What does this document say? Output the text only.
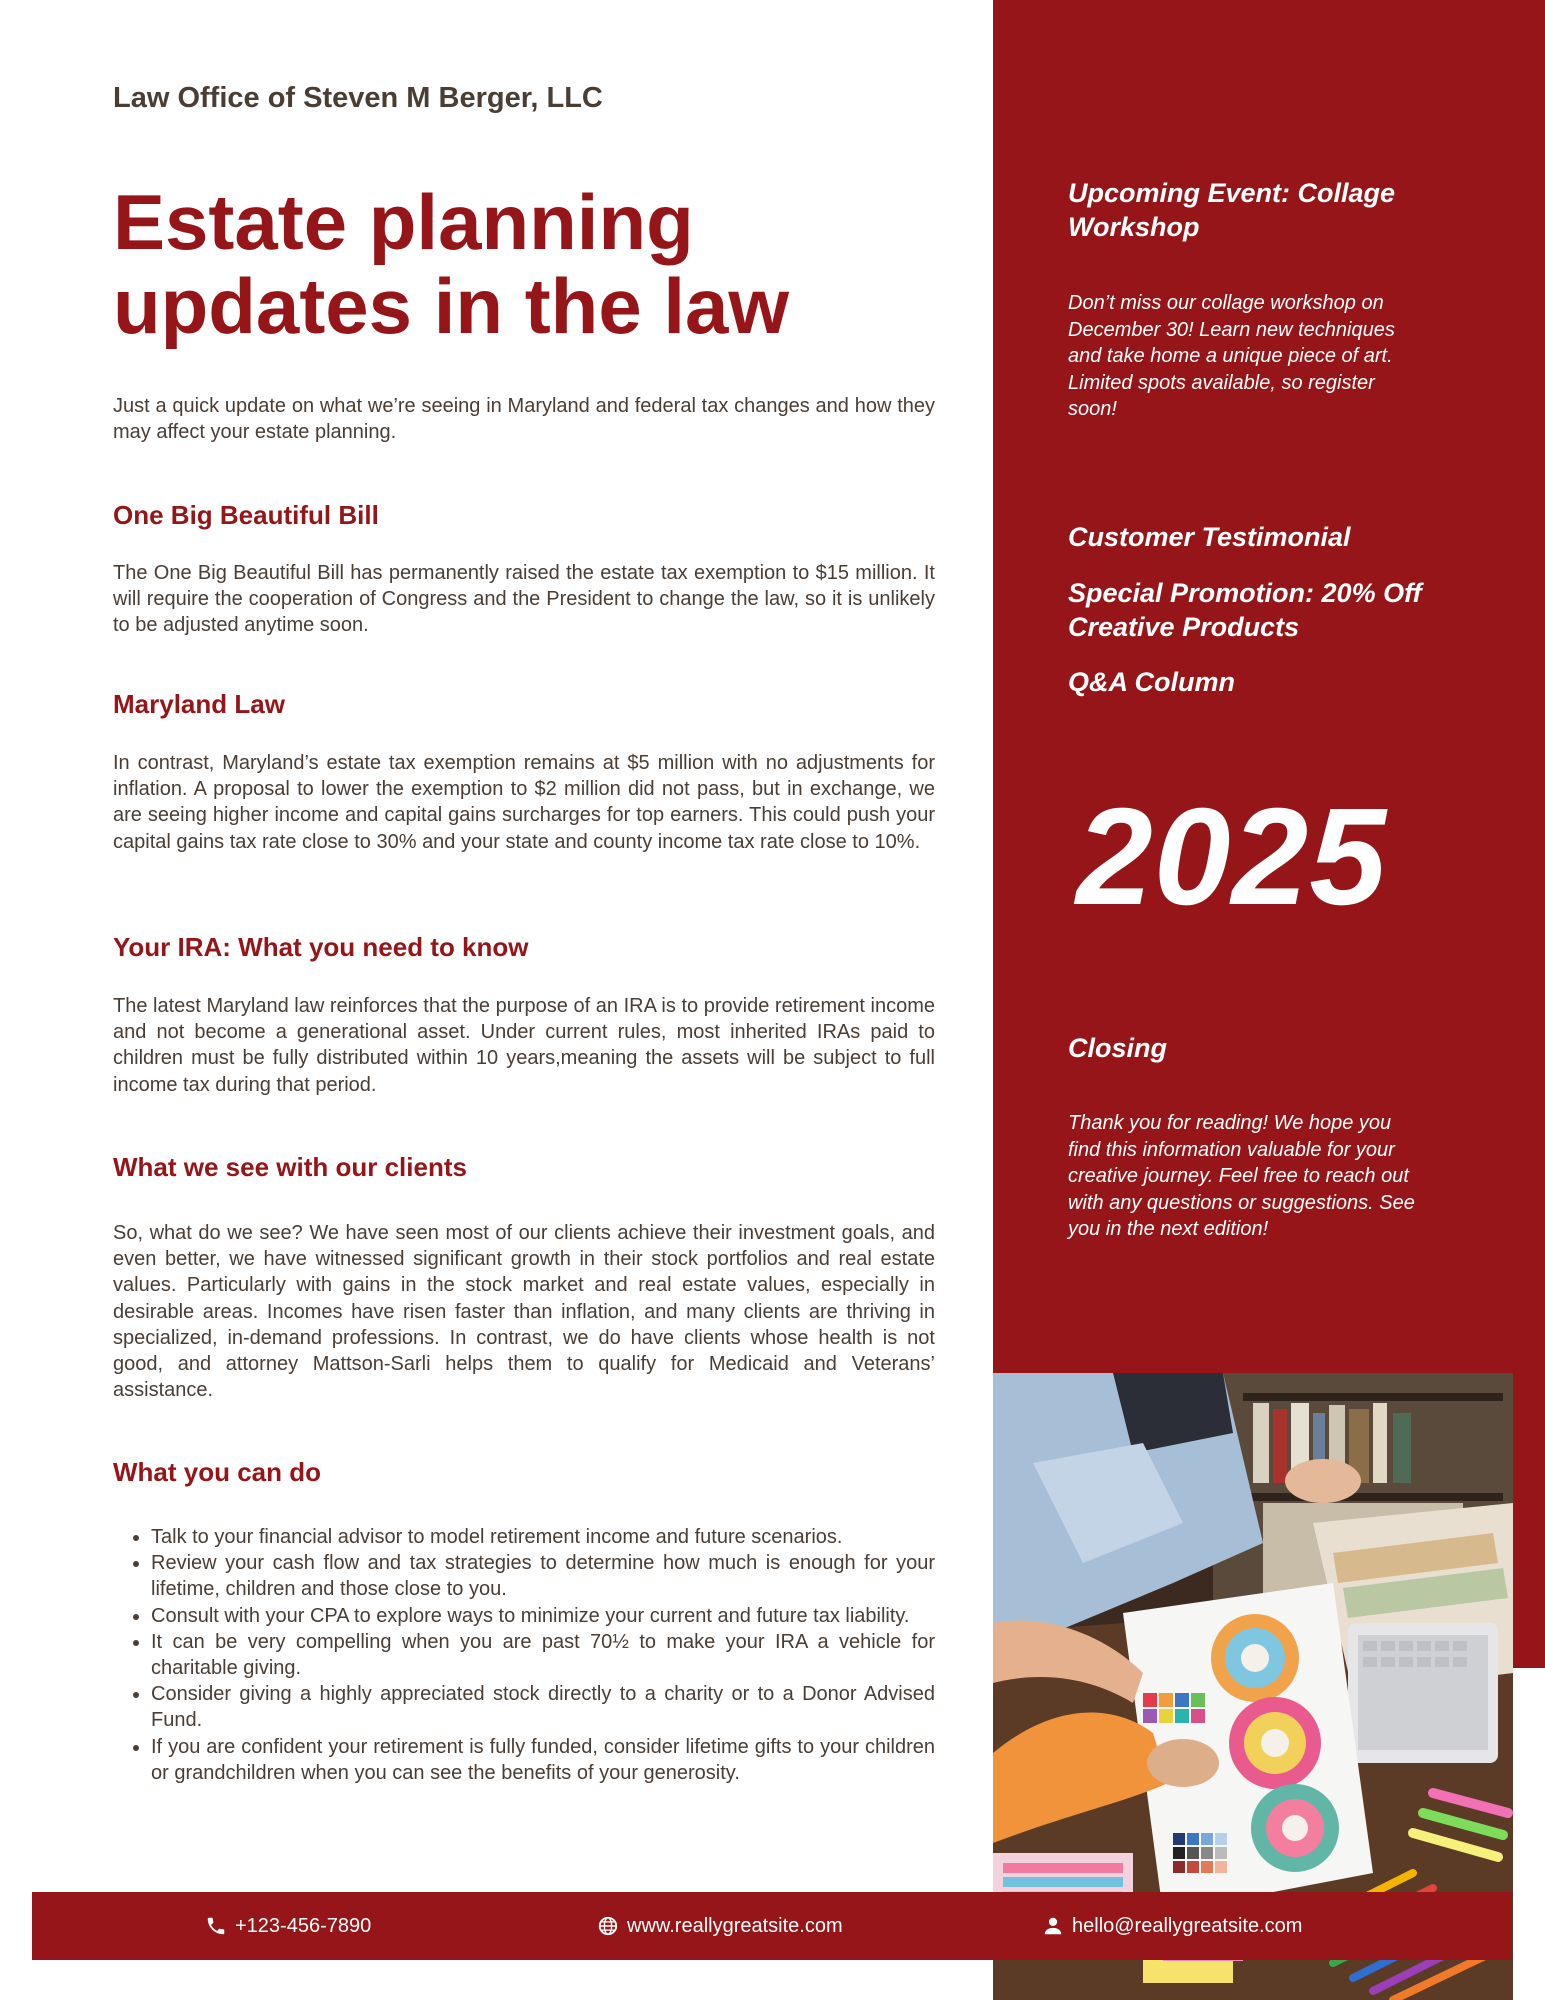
Law Office of Steven M Berger, LLC
Estate planning
updates in the law

Just a quick update on what we’re seeing in Maryland and federal tax changes and how they may affect your estate planning.

One Big Beautiful Bill

The One Big Beautiful Bill has permanently raised the estate tax exemption to $15 million. It will require the cooperation of Congress and the President to change the law, so it is unlikely to be adjusted anytime soon.

Maryland Law

In contrast, Maryland’s estate tax exemption remains at $5 million with no adjustments for inflation. A proposal to lower the exemption to $2 million did not pass, but in exchange, we are seeing higher income and capital gains surcharges for top earners. This could push your capital gains tax rate close to 30% and your state and county income tax rate close to 10%.

Your IRA: What you need to know

The latest Maryland law reinforces that the purpose of an IRA is to provide retirement income and not become a generational asset. Under current rules, most inherited IRAs paid to children must be fully distributed within 10 years,meaning the assets will be subject to full income tax during that period.

What we see with our clients

So, what do we see? We have seen most of our clients achieve their investment goals, and even better, we have witnessed significant growth in their stock portfolios and real estate values. Particularly with gains in the stock market and real estate values, especially in desirable areas. Incomes have risen faster than inflation, and many clients are thriving in specialized, in-demand professions. In contrast, we do have clients whose health is not good, and attorney Mattson-Sarli helps them to qualify for Medicaid and Veterans’ assistance.

What you can do
• Talk to your financial advisor to model retirement income and future scenarios.
• Review your cash flow and tax strategies to determine how much is enough for your lifetime, children and those close to you.
• Consult with your CPA to explore ways to minimize your current and future tax liability.
• It can be very compelling when you are past 70½ to make your IRA a vehicle for charitable giving.
• Consider giving a highly appreciated stock directly to a charity or to a Donor Advised Fund.
• If you are confident your retirement is fully funded, consider lifetime gifts to your children or grandchildren when you can see the benefits of your generosity.
Upcoming Event: Collage Workshop

Don’t miss our collage workshop on December 30! Learn new techniques and take home a unique piece of art. Limited spots available, so register soon!

Customer Testimonial
Special Promotion: 20% Off Creative Products
Q&A Column
2025
Closing

Thank you for reading! We hope you find this information valuable for your creative journey. Feel free to reach out with any questions or suggestions. See you in the next edition!

+123-456-7890	www.reallygreatsite.com	hello@reallygreatsite.com
